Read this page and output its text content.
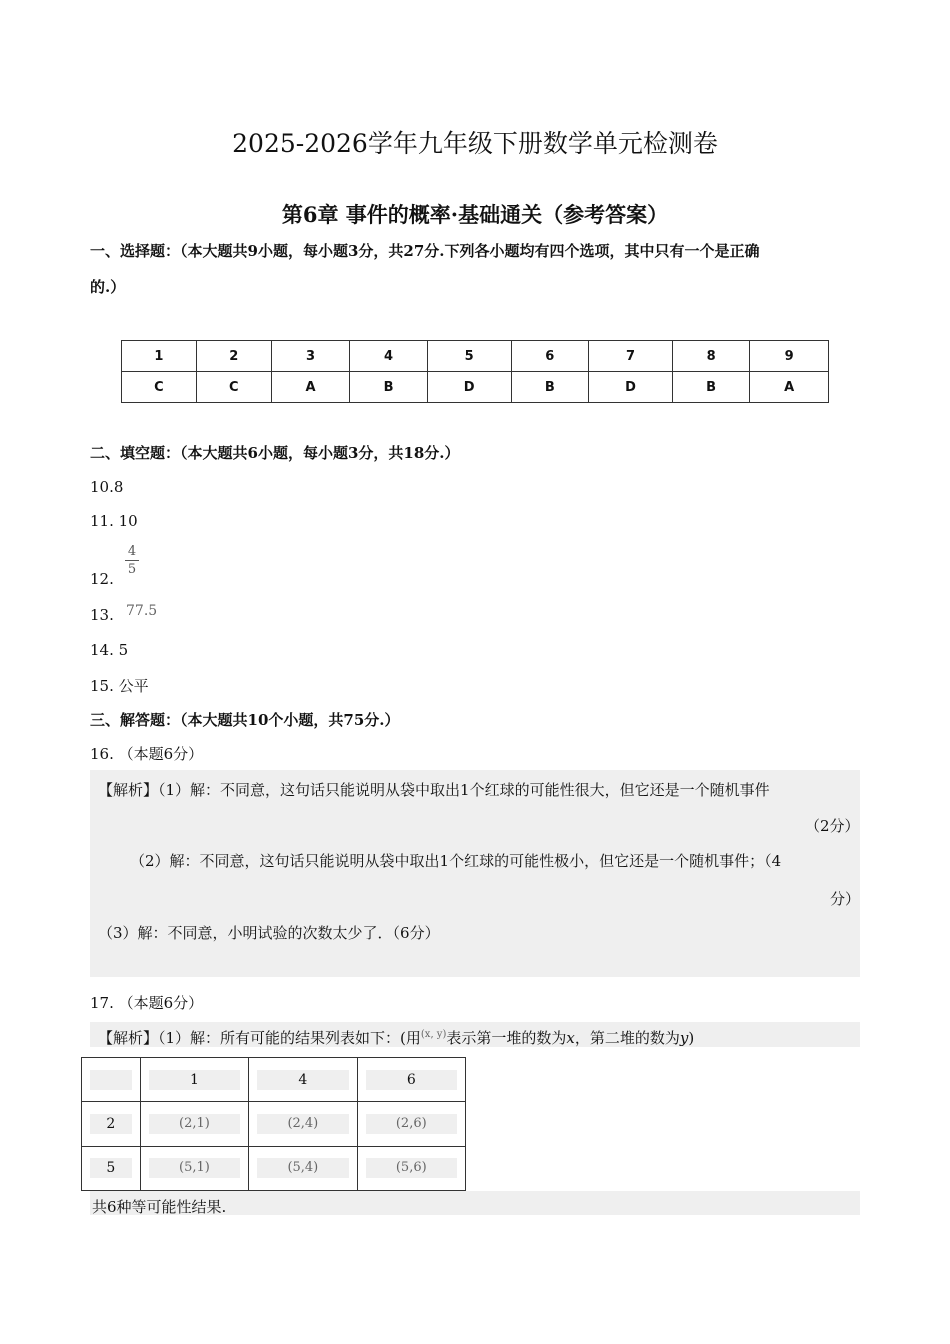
2025-2026学年九年级下册数学单元检测卷
第6章 事件的概率·基础通关（参考答案）
一、选择题：（本大题共9小题，每小题3分，共27分.下列各小题均有四个选项，其中只有一个是正确
的.）
1	2	3	4	5	6	7	8	9
C	C	A	B	D	B	D	B	A
二、填空题：（本大题共6小题，每小题3分，共18分.）
10.8
11. 10
12.
$\frac{4}{5}$
13. 77.5
14. 5
15. 公平
三、解答题：（本大题共10个小题，共75分.）
16. （本题6分）
【解析】（1）解：不同意，这句话只能说明从袋中取出1个红球的可能性很大，但它还是一个随机事件
（2分）
（2）解：不同意，这句话只能说明从袋中取出1个红球的可能性极小，但它还是一个随机事件；（4
分）
（3）解：不同意，小明试验的次数太少了．（6分）
17. （本题6分）
【解析】（1）解：所有可能的结果列表如下：(用$^{(x, y)}$表示第一堆的数为x，第二堆的数为y)

	1	4	6

2	(2,1)	(2,4)	(2,6)

5	(5,1)	(5,4)	(5,6)
共6种等可能性结果.
